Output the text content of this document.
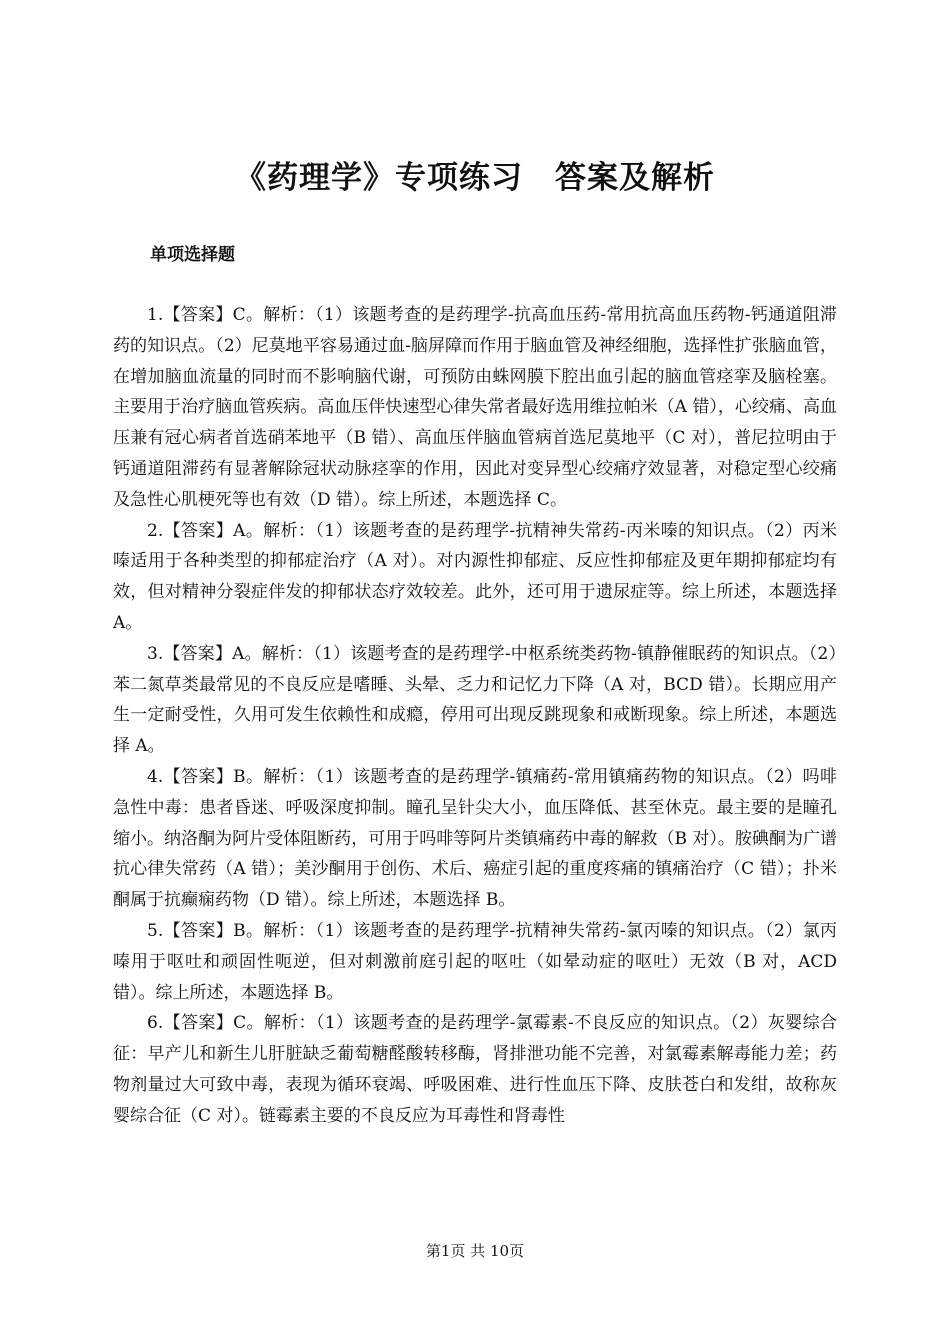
《药理学》专项练习　答案及解析
单项选择题

1.【答案】C。解析：（1）该题考查的是药理学-抗高血压药-常用抗高血压药物-钙通道阻滞药的知识点。（2）尼莫地平容易通过血-脑屏障而作用于脑血管及神经细胞，选择性扩张脑血管，在增加脑血流量的同时而不影响脑代谢，可预防由蛛网膜下腔出血引起的脑血管痉挛及脑栓塞。主要用于治疗脑血管疾病。高血压伴快速型心律失常者最好选用维拉帕米（A 错），心绞痛、高血压兼有冠心病者首选硝苯地平（B 错）、高血压伴脑血管病首选尼莫地平（C 对），普尼拉明由于钙通道阻滞药有显著解除冠状动脉痉挛的作用，因此对变异型心绞痛疗效显著，对稳定型心绞痛及急性心肌梗死等也有效（D 错）。综上所述，本题选择 C。

2.【答案】A。解析：（1）该题考查的是药理学-抗精神失常药-丙米嗪的知识点。（2）丙米嗪适用于各种类型的抑郁症治疗（A 对）。对内源性抑郁症、反应性抑郁症及更年期抑郁症均有效，但对精神分裂症伴发的抑郁状态疗效较差。此外，还可用于遗尿症等。综上所述，本题选择 A。

3.【答案】A。解析：（1）该题考查的是药理学-中枢系统类药物-镇静催眠药的知识点。（2）苯二氮草类最常见的不良反应是嗜睡、头晕、乏力和记忆力下降（A 对，BCD 错）。长期应用产生一定耐受性，久用可发生依赖性和成瘾，停用可出现反跳现象和戒断现象。综上所述，本题选择 A。

4.【答案】B。解析：（1）该题考查的是药理学-镇痛药-常用镇痛药物的知识点。（2）吗啡急性中毒：患者昏迷、呼吸深度抑制。瞳孔呈针尖大小，血压降低、甚至休克。最主要的是瞳孔缩小。纳洛酮为阿片受体阻断药，可用于吗啡等阿片类镇痛药中毒的解救（B 对）。胺碘酮为广谱抗心律失常药（A 错）；美沙酮用于创伤、术后、癌症引起的重度疼痛的镇痛治疗（C 错）；扑米酮属于抗癫痫药物（D 错）。综上所述，本题选择 B。

5.【答案】B。解析：（1）该题考查的是药理学-抗精神失常药-氯丙嗪的知识点。（2）氯丙嗪用于呕吐和顽固性呃逆，但对刺激前庭引起的呕吐（如晕动症的呕吐）无效（B 对，ACD 错）。综上所述，本题选择 B。

6.【答案】C。解析：（1）该题考查的是药理学-氯霉素-不良反应的知识点。（2）灰婴综合征：早产儿和新生儿肝脏缺乏葡萄糖醛酸转移酶，肾排泄功能不完善，对氯霉素解毒能力差；药物剂量过大可致中毒，表现为循环衰竭、呼吸困难、进行性血压下降、皮肤苍白和发绀，故称灰婴综合征（C 对）。链霉素主要的不良反应为耳毒性和肾毒性

第1页 共 10页
